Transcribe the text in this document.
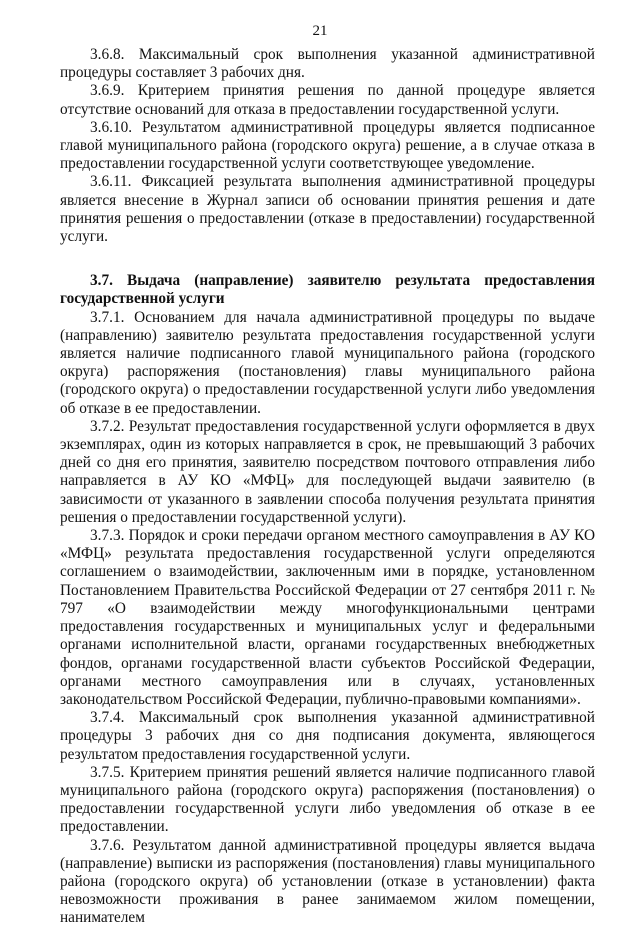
21

3.6.8. Максимальный срок выполнения указанной административной процедуры составляет 3 рабочих дня.

3.6.9. Критерием принятия решения по данной процедуре является отсутствие оснований для отказа в предоставлении государственной услуги.

3.6.10. Результатом административной процедуры является подписанное главой муниципального района (городского округа) решение, а в случае отказа в предоставлении государственной услуги соответствующее уведомление.

3.6.11. Фиксацией результата выполнения административной процедуры является внесение в Журнал записи об основании принятия решения и дате принятия решения о предоставлении (отказе в предоставлении) государственной услуги.

3.7. Выдача (направление) заявителю результата предоставления государственной услуги

3.7.1. Основанием для начала административной процедуры по выдаче (направлению) заявителю результата предоставления государственной услуги является наличие подписанного главой муниципального района (городского округа) распоряжения (постановления) главы муниципального района (городского округа) о предоставлении государственной услуги либо уведомления об отказе в ее предоставлении.

3.7.2. Результат предоставления государственной услуги оформляется в двух экземплярах, один из которых направляется в срок, не превышающий 3 рабочих дней со дня его принятия, заявителю посредством почтового отправления либо направляется в АУ КО «МФЦ» для последующей выдачи заявителю (в зависимости от указанного в заявлении способа получения результата принятия решения о предоставлении государственной услуги).

3.7.3. Порядок и сроки передачи органом местного самоуправления в АУ КО «МФЦ» результата предоставления государственной услуги определяются соглашением о взаимодействии, заключенным ими в порядке, установленном Постановлением Правительства Российской Федерации от 27 сентября 2011 г. № 797 «О взаимодействии между многофункциональными центрами предоставления государственных и муниципальных услуг и федеральными органами исполнительной власти, органами государственных внебюджетных фондов, органами государственной власти субъектов Российской Федерации, органами местного самоуправления или в случаях, установленных законодательством Российской Федерации, публично-правовыми компаниями».

3.7.4. Максимальный срок выполнения указанной административной процедуры 3 рабочих дня со дня подписания документа, являющегося результатом предоставления государственной услуги.

3.7.5. Критерием принятия решений является наличие подписанного главой муниципального района (городского округа) распоряжения (постановления) о предоставлении государственной услуги либо уведомления об отказе в ее предоставлении.

3.7.6. Результатом данной административной процедуры является выдача (направление) выписки из распоряжения (постановления) главы муниципального района (городского округа) об установлении (отказе в установлении) факта невозможности проживания в ранее занимаемом жилом помещении, нанимателем
